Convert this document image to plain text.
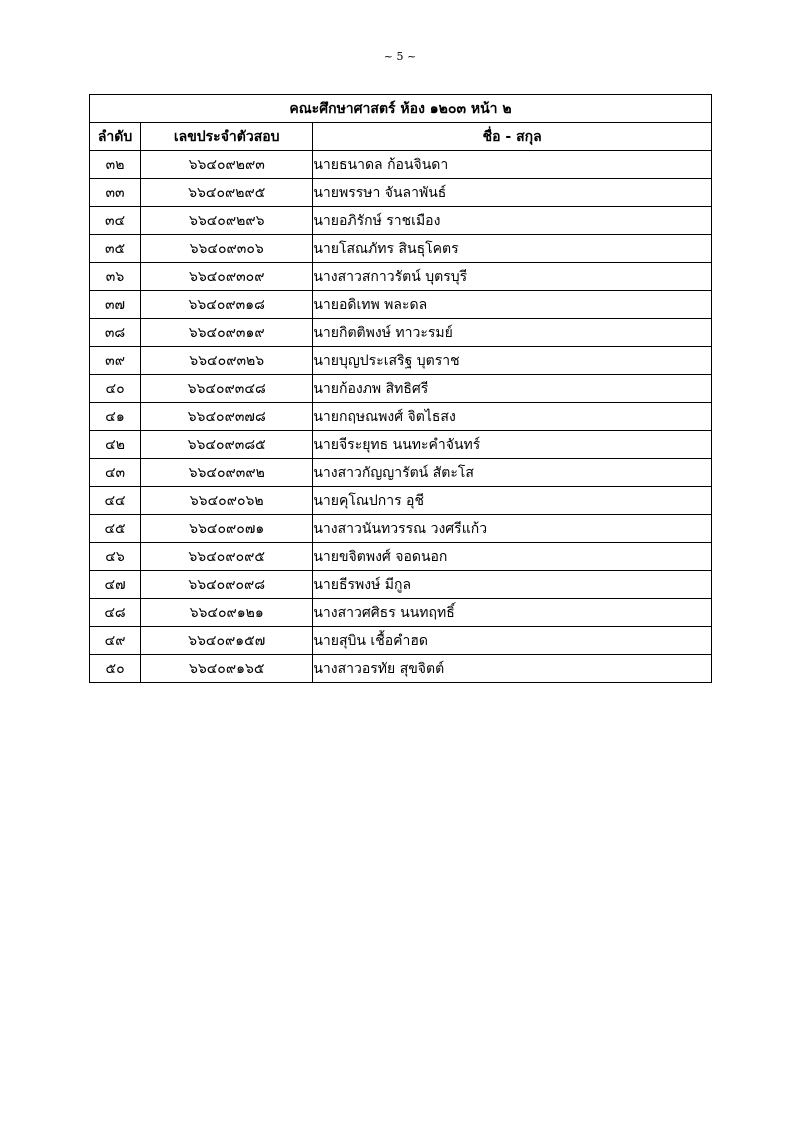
~ 5 ~
คณะศึกษาศาสตร์ ห้อง ๑๒๐๓ หน้า ๒		
ลำดับ	เลขประจำตัวสอบ	ชื่อ - สกุล
๓๒	๖๖๔๐๙๒๙๓	นายธนาดล ก้อนจินดา
๓๓	๖๖๔๐๙๒๙๕	นายพรรษา จันลาพันธ์
๓๔	๖๖๔๐๙๒๙๖	นายอภิรักษ์ ราชเมือง
๓๕	๖๖๔๐๙๓๐๖	นายโสณภัทร สินธุโคตร
๓๖	๖๖๔๐๙๓๐๙	นางสาวสกาวรัตน์ บุตรบุรี
๓๗	๖๖๔๐๙๓๑๘	นายอดิเทพ พละดล
๓๘	๖๖๔๐๙๓๑๙	นายกิตติพงษ์ ทาวะรมย์
๓๙	๖๖๔๐๙๓๒๖	นายบุญประเสริฐ บุตราช
๔๐	๖๖๔๐๙๓๔๘	นายก้องภพ สิทธิศรี
๔๑	๖๖๔๐๙๓๗๘	นายกฤษณพงศ์ จิตไธสง
๔๒	๖๖๔๐๙๓๘๕	นายจีระยุทธ นนทะคำจันทร์
๔๓	๖๖๔๐๙๓๙๒	นางสาวกัญญารัตน์ สัตะโส
๔๔	๖๖๔๐๙๐๖๒	นายคุโณปการ อุชี
๔๕	๖๖๔๐๙๐๗๑	นางสาวนันทวรรณ วงศรีแก้ว
๔๖	๖๖๔๐๙๐๙๕	นายขจิตพงศ์ จอดนอก
๔๗	๖๖๔๐๙๐๙๘	นายธีรพงษ์ มีกูล
๔๘	๖๖๔๐๙๑๒๑	นางสาวศศิธร นนทฤทธิ์
๔๙	๖๖๔๐๙๑๕๗	นายสุบิน เชื้อคำฮด
๕๐	๖๖๔๐๙๑๖๕	นางสาวอรทัย สุขจิตต์
